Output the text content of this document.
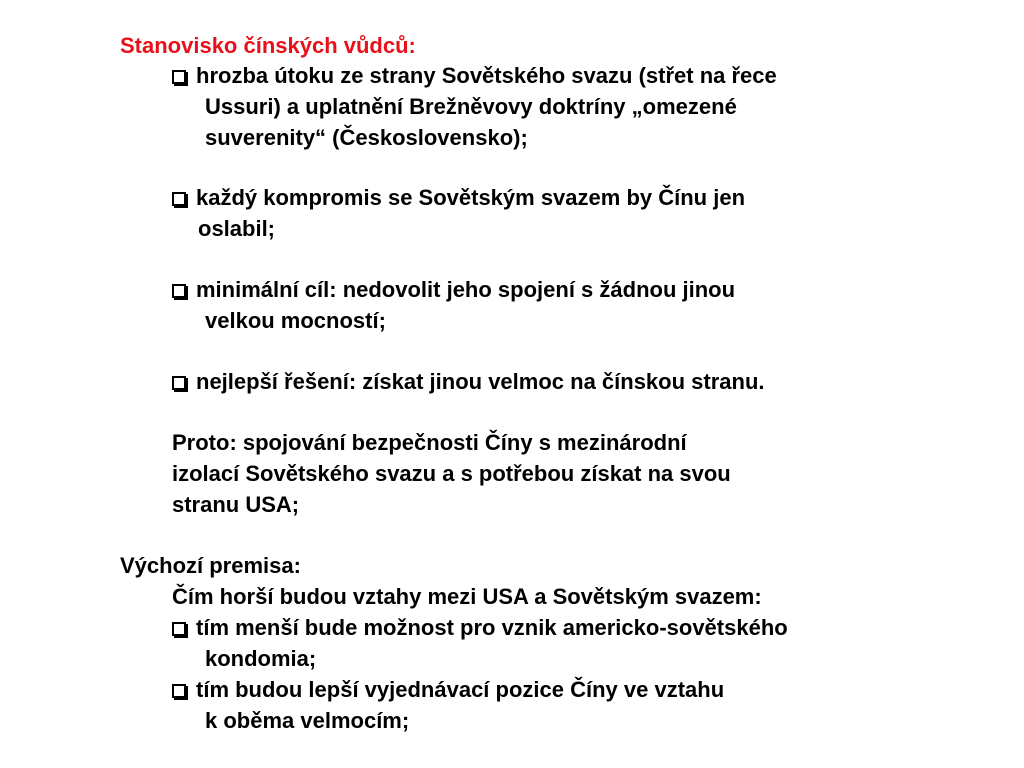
Stanovisko čínských vůdců:
hrozba útoku ze strany Sovětského svazu (střet na řece
Ussuri) a uplatnění Brežněvovy doktríny „omezené
suverenity“ (Československo);
každý kompromis se Sovětským svazem by Čínu jen
oslabil;
minimální cíl: nedovolit jeho spojení s žádnou jinou
velkou mocností;
nejlepší řešení: získat jinou velmoc na čínskou stranu.
Proto: spojování bezpečnosti Číny s mezinárodní
izolací Sovětského svazu a s potřebou získat na svou
stranu USA;
Výchozí premisa:
Čím horší budou vztahy mezi USA a Sovětským svazem:
tím menší bude možnost pro vznik americko-sovětského
kondomia;
tím budou lepší vyjednávací pozice Číny ve vztahu
k oběma velmocím;
